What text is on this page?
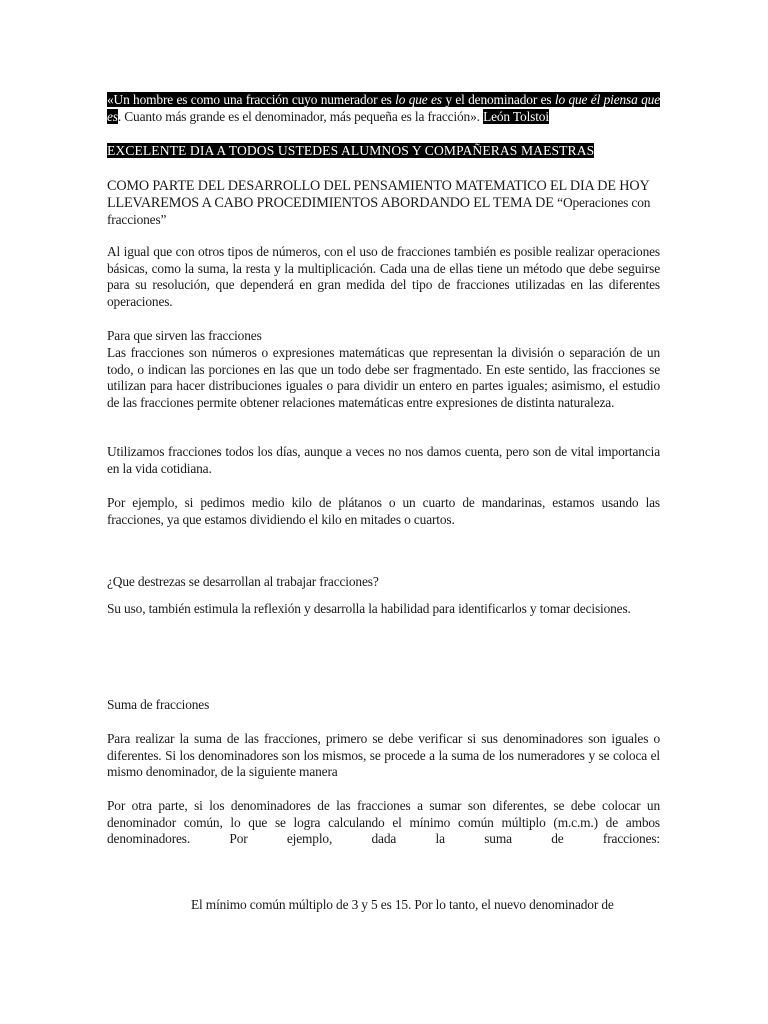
«Un hombre es como una fracción cuyo numerador es lo que es y el denominador es lo que él piensa que es. Cuanto más grande es el denominador, más pequeña es la fracción». León Tolstoi
EXCELENTE DIA A TODOS USTEDES ALUMNOS Y COMPAÑERAS MAESTRAS
COMO PARTE DEL DESARROLLO DEL PENSAMIENTO MATEMATICO EL DIA DE HOY LLEVAREMOS A CABO PROCEDIMIENTOS ABORDANDO EL TEMA DE “Operaciones con fracciones”
Al igual que con otros tipos de números, con el uso de fracciones también es posible realizar operaciones básicas, como la suma, la resta y la multiplicación. Cada una de ellas tiene un método que debe seguirse para su resolución, que dependerá en gran medida del tipo de fracciones utilizadas en las diferentes operaciones.
Para que sirven las fracciones
Las fracciones son números o expresiones matemáticas que representan la división o separación de un todo, o indican las porciones en las que un todo debe ser fragmentado. En este sentido, las fracciones se utilizan para hacer distribuciones iguales o para dividir un entero en partes iguales; asimismo, el estudio de las fracciones permite obtener relaciones matemáticas entre expresiones de distinta naturaleza.
Utilizamos fracciones todos los días, aunque a veces no nos damos cuenta, pero son de vital importancia en la vida cotidiana.
Por ejemplo, si pedimos medio kilo de plátanos o un cuarto de mandarinas, estamos usando las fracciones, ya que estamos dividiendo el kilo en mitades o cuartos.
¿Que destrezas se desarrollan al trabajar fracciones?
Su uso, también estimula la reflexión y desarrolla la habilidad para identificarlos y tomar decisiones.
Suma de fracciones
Para realizar la suma de las fracciones, primero se debe verificar si sus denominadores son iguales o diferentes. Si los denominadores son los mismos, se procede a la suma de los numeradores y se coloca el mismo denominador, de la siguiente manera
Por otra parte, si los denominadores de las fracciones a sumar son diferentes, se debe colocar un denominador común, lo que se logra calculando el mínimo común múltiplo (m.c.m.) de ambos denominadores. Por ejemplo, dada la suma de fracciones:
El mínimo común múltiplo de 3 y 5 es 15. Por lo tanto, el nuevo denominador de
